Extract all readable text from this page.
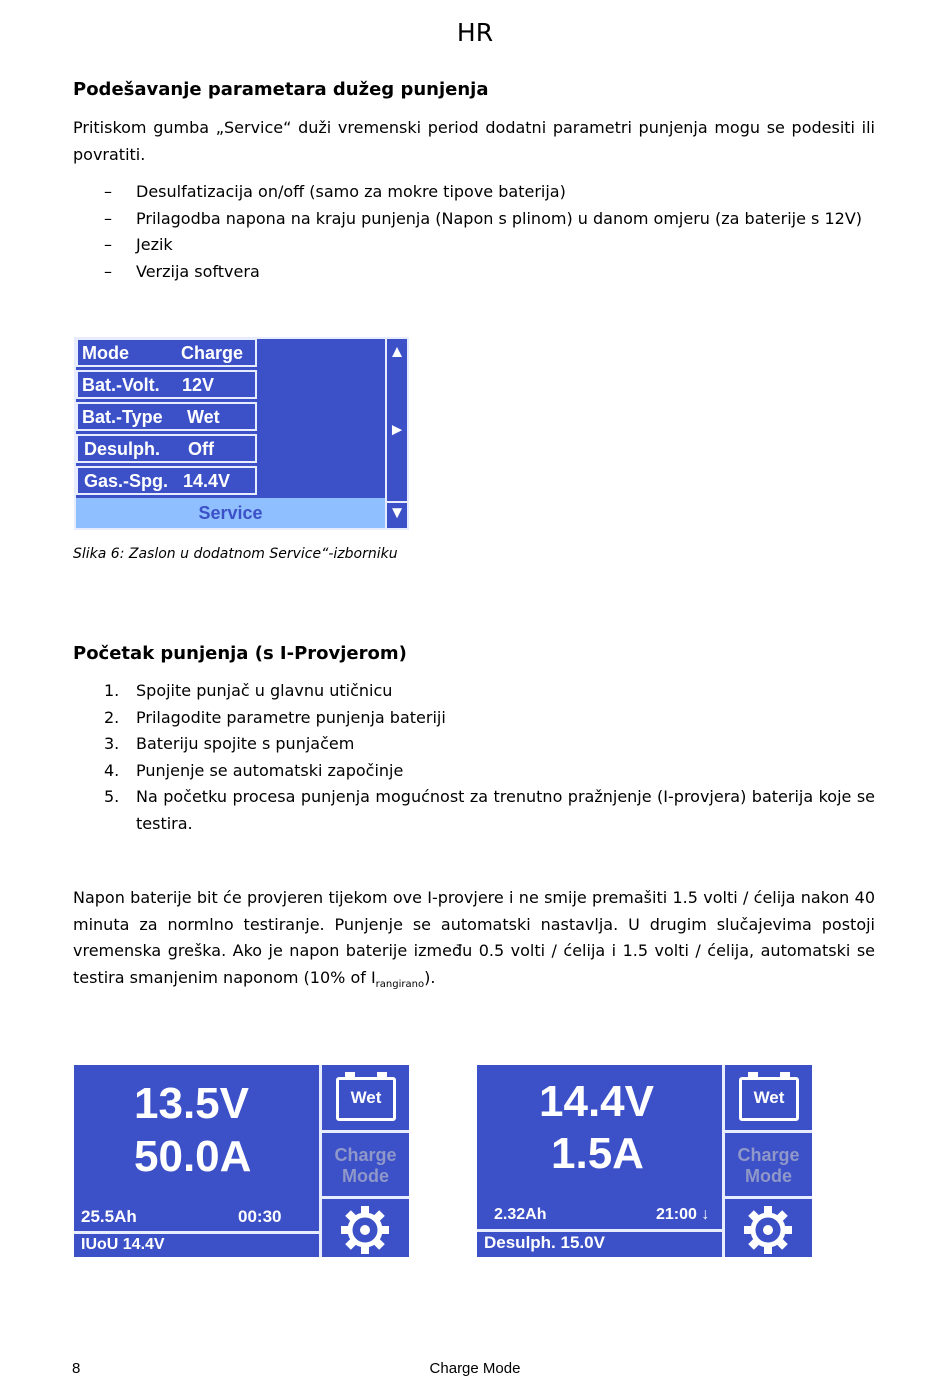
HR
Podešavanje parametara dužeg punjenja
Pritiskom gumba „Service“ duži vremenski period dodatni parametri punjenja mogu se podesiti ili povratiti.
– Desulfatizacija on/off (samo za mokre tipove baterija)
– Prilagodba napona na kraju punjenja (Napon s plinom) u danom omjeru (za baterije s 12V)
– Jezik
– Verzija softvera
Mode	Charge
Bat.-Volt. 12V
Bat.-Type Wet
Desulph. Off
Gas.-Spg. 14.4V
Service
▲
►
▼
Slika 6: Zaslon u dodatnom Service“-izborniku
Početak punjenja (s I-Provjerom)
1. Spojite punjač u glavnu utičnicu
2. Prilagodite parametre punjenja bateriji
3. Bateriju spojite s punjačem
4. Punjenje se automatski započinje
5. Na početku procesa punjenja mogućnost za trenutno pražnjenje (I-provjera) baterija koje se testira.
Napon baterije bit će provjeren tijekom ove I-provjere i ne smije premašiti 1.5 volti / ćelija nakon 40 minuta za normlno testiranje. Punjenje se automatski nastavlja. U drugim slučajevima postoji vremenska greška. Ako je napon baterije između 0.5 volti / ćelija i 1.5 volti / ćelija, automatski se testira smanjenim naponom (10% of $I_{rangirano}$).
13.5V
50.0A
25.5Ah	00:30
IUoU 14.4V
Wet
Charge
Mode
14.4V
1.5A
2.32Ah	21:00 ↓
Desulph. 15.0V
Wet
Charge
Mode
8	Charge Mode
